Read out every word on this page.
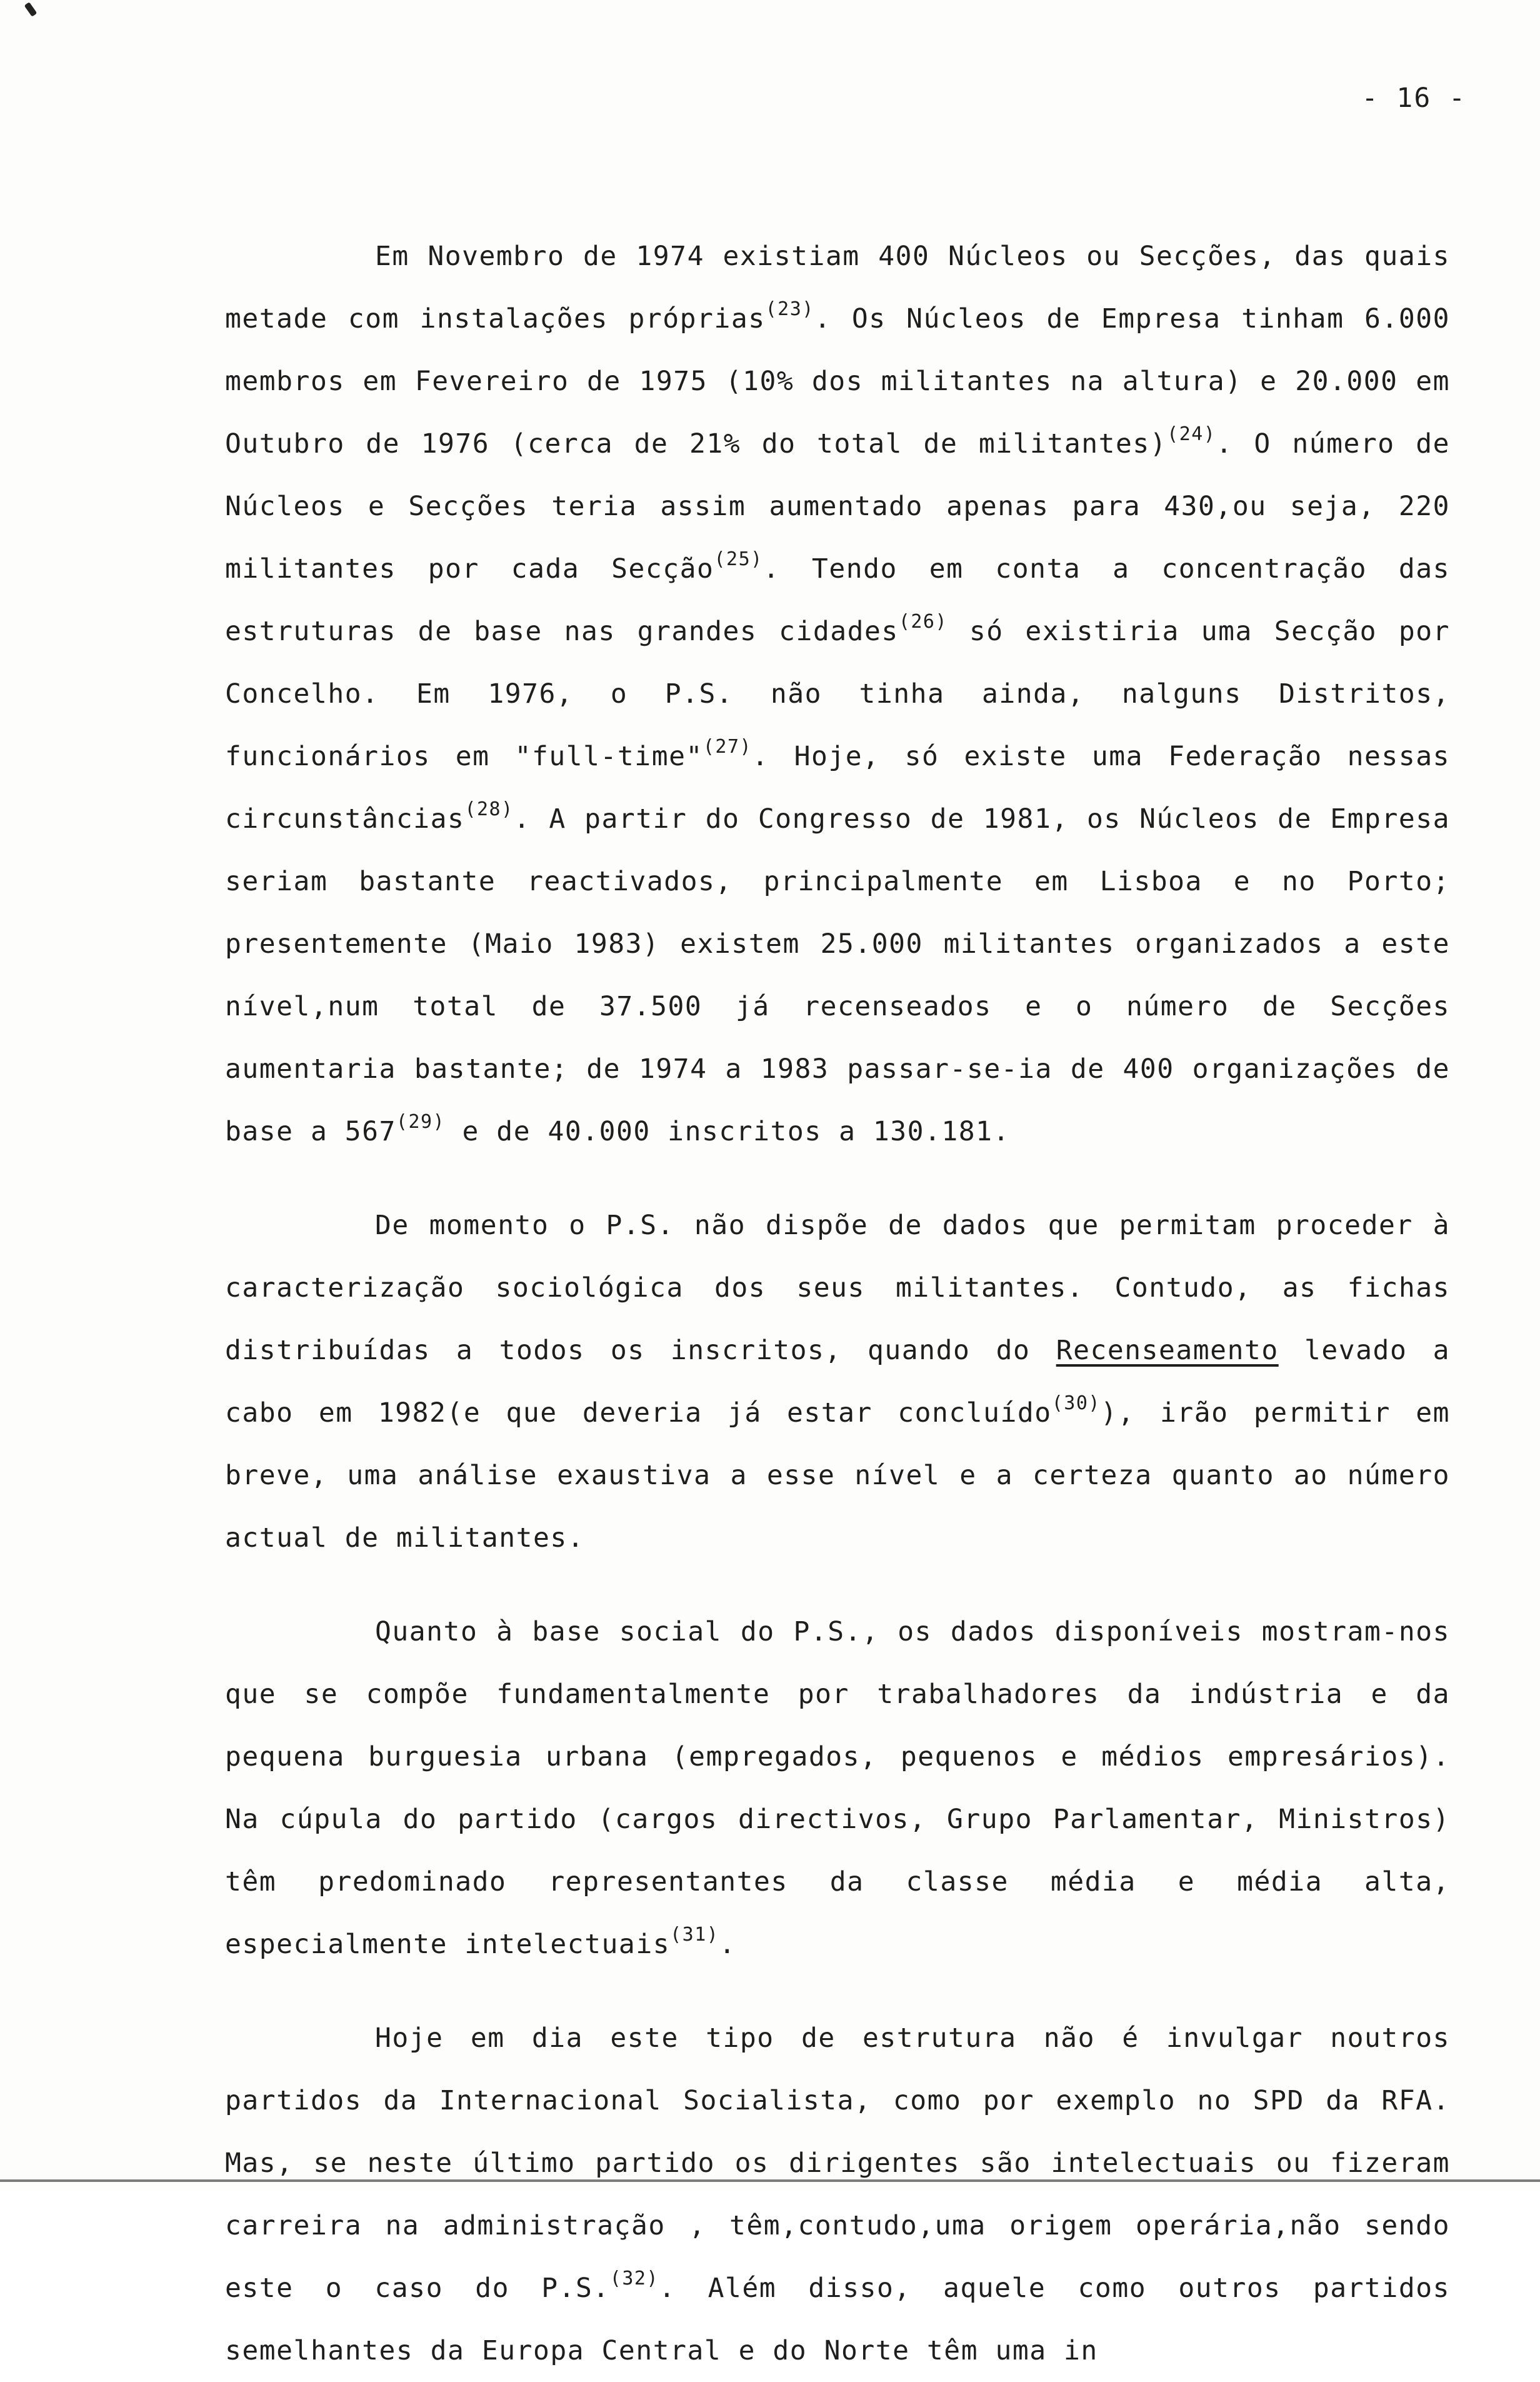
- 16 -

Em Novembro de 1974 existiam 400 Núcleos ou Secções, das quais metade com instalações próprias$^{(23)}$. Os Núcleos de Empresa tinham 6.000 membros em Fevereiro de 1975 (10% dos militantes na altura) e 20.000 em Outubro de 1976 (cerca de 21% do total de militantes)$^{(24)}$. O número de Núcleos e Secções teria assim aumentado apenas para 430,ou seja, 220 militantes por cada Secção$^{(25)}$. Tendo em conta a concentração das estruturas de base nas grandes cidades$^{(26)}$ só existiria uma Secção por Concelho. Em 1976, o P.S. não tinha ainda, nalguns Distritos, funcionários em "full-time"$^{(27)}$. Hoje, só existe uma Federação nessas circunstâncias$^{(28)}$. A partir do Congresso de 1981, os Núcleos de Empresa seriam bastante reactivados, principalmente em Lisboa e no Porto; presentemente (Maio 1983) existem 25.000 militantes organizados a este nível,num total de 37.500 já recenseados e o número de Secções aumentaria bastante; de 1974 a 1983 passar-se-ia de 400 organizações de base a 567$^{(29)}$ e de 40.000 inscritos a 130.181.

De momento o P.S. não dispõe de dados que permitam proceder à caracterização sociológica dos seus militantes. Contudo, as fichas distribuídas a todos os inscritos, quando do Recenseamento levado a cabo em 1982(e que deveria já estar concluído$^{(30)}$), irão permitir em breve, uma análise exaustiva a esse nível e a certeza quanto ao número actual de militantes.

Quanto à base social do P.S., os dados disponíveis mostram-nos que se compõe fundamentalmente por trabalhadores da indústria e da pequena burguesia urbana (empregados, pequenos e médios empresários). Na cúpula do partido (cargos directivos, Grupo Parlamentar, Ministros) têm predominado representantes da classe média e média alta, especialmente intelectuais$^{(31)}$.

Hoje em dia este tipo de estrutura não é invulgar noutros partidos da Internacional Socialista, como por exemplo no SPD da RFA. Mas, se neste último partido os dirigentes são intelectuais ou fizeram carreira na administração , têm,contudo,uma origem operária,não sendo este o caso do P.S.$^{(32)}$. Além disso, aquele como outros partidos semelhantes da Europa Central e do Norte têm uma in
